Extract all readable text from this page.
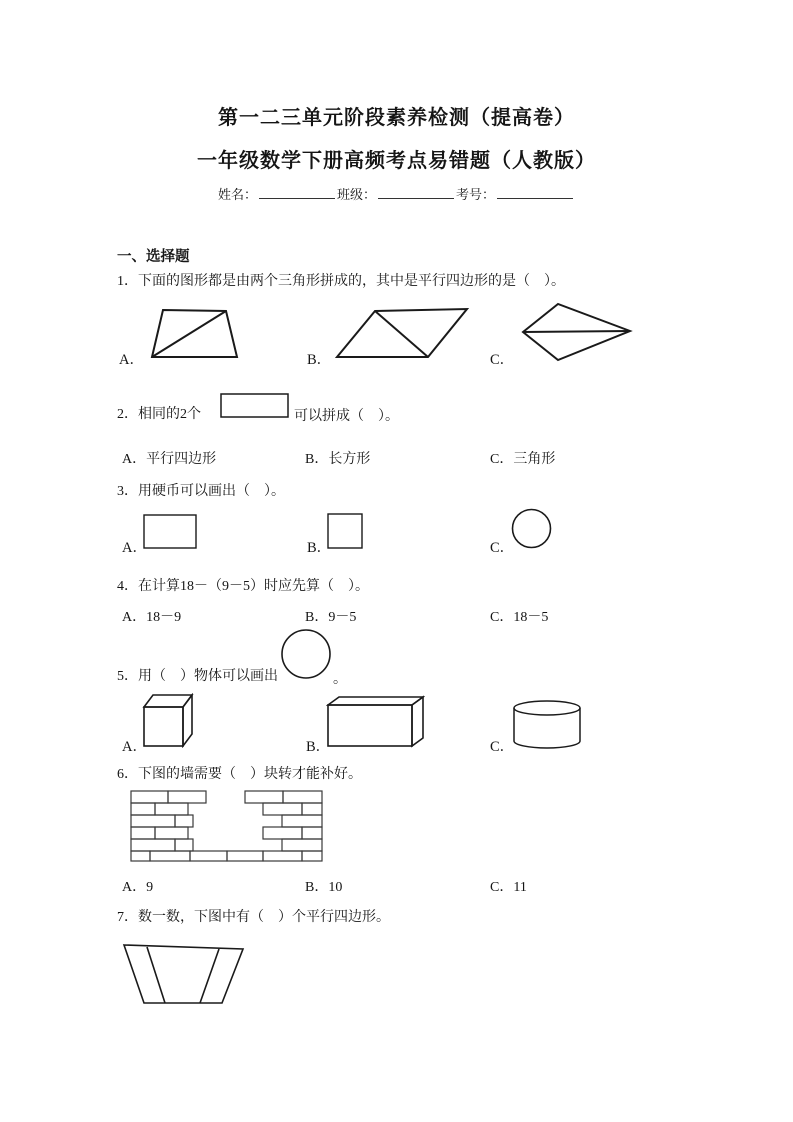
第一二三单元阶段素养检测（提高卷）
一年级数学下册高频考点易错题（人教版）
姓名：	班级：	考号：
一、选择题
1．下面的图形都是由两个三角形拼成的，其中是平行四边形的是（　）。
A．	B．	C．
2．相同的2个	可以拼成（　）。
A．平行四边形	B．长方形	C．三角形
3．用硬币可以画出（　）。
A．	B．	C．
4．在计算18－（9－5）时应先算（　）。
A．18－9	B．9－5	C．18－5
5．用（　）物体可以画出	。
A．	B．	C．
6．下图的墙需要（　）块转才能补好。
A．9	B．10	C．11
7．数一数，下图中有（　）个平行四边形。
